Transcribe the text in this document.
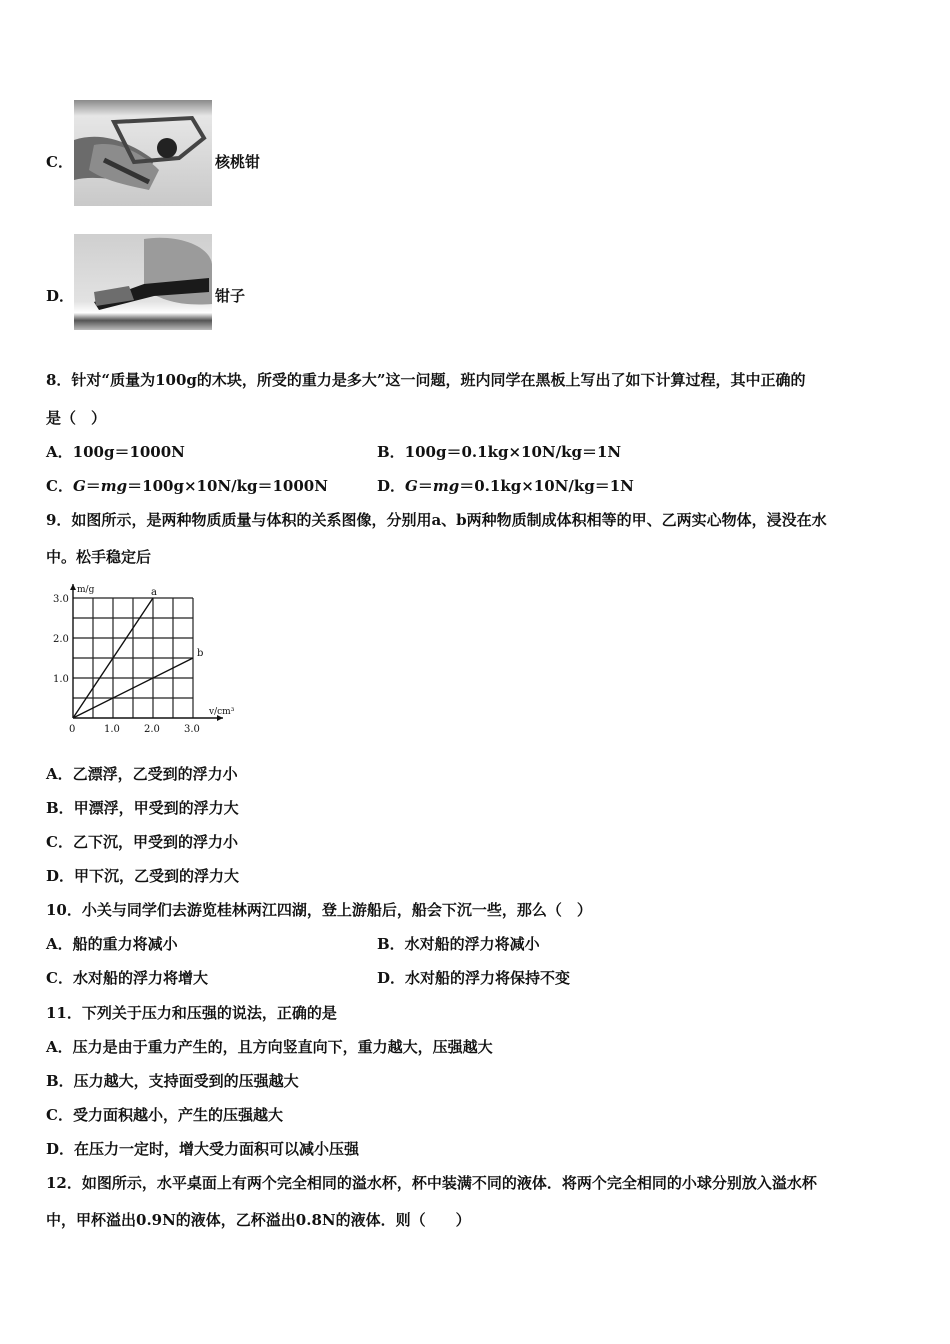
C．	核桃钳
D．	钳子
8．针对“质量为100g的木块，所受的重力是多大”这一问题，班内同学在黑板上写出了如下计算过程，其中正确的
是（　）
A．100g＝1000N	B．100g＝0.1kg×10N/kg＝1N
C．G＝mg＝100g×10N/kg＝1000N	D．G＝mg＝0.1kg×10N/kg＝1N
9．如图所示，是两种物质质量与体积的关系图像，分别用a、b两种物质制成体积相等的甲、乙两实心物体，浸没在水
中。松手稳定后
a
b
0	1.0 2.0 3.0
1.0
2.0
3.0
v/cm³
m/g
A．乙漂浮，乙受到的浮力小
B．甲漂浮，甲受到的浮力大
C．乙下沉，甲受到的浮力小
D．甲下沉，乙受到的浮力大
10．小关与同学们去游览桂林两江四湖，登上游船后，船会下沉一些，那么（　）
A．船的重力将减小	B．水对船的浮力将减小
C．水对船的浮力将增大	D．水对船的浮力将保持不变
11．下列关于压力和压强的说法，正确的是
A．压力是由于重力产生的，且方向竖直向下，重力越大，压强越大
B．压力越大，支持面受到的压强越大
C．受力面积越小，产生的压强越大
D．在压力一定时，增大受力面积可以减小压强
12．如图所示，水平桌面上有两个完全相同的溢水杯，杯中装满不同的液体．将两个完全相同的小球分别放入溢水杯
中，甲杯溢出0.9N的液体，乙杯溢出0.8N的液体．则（　　）
